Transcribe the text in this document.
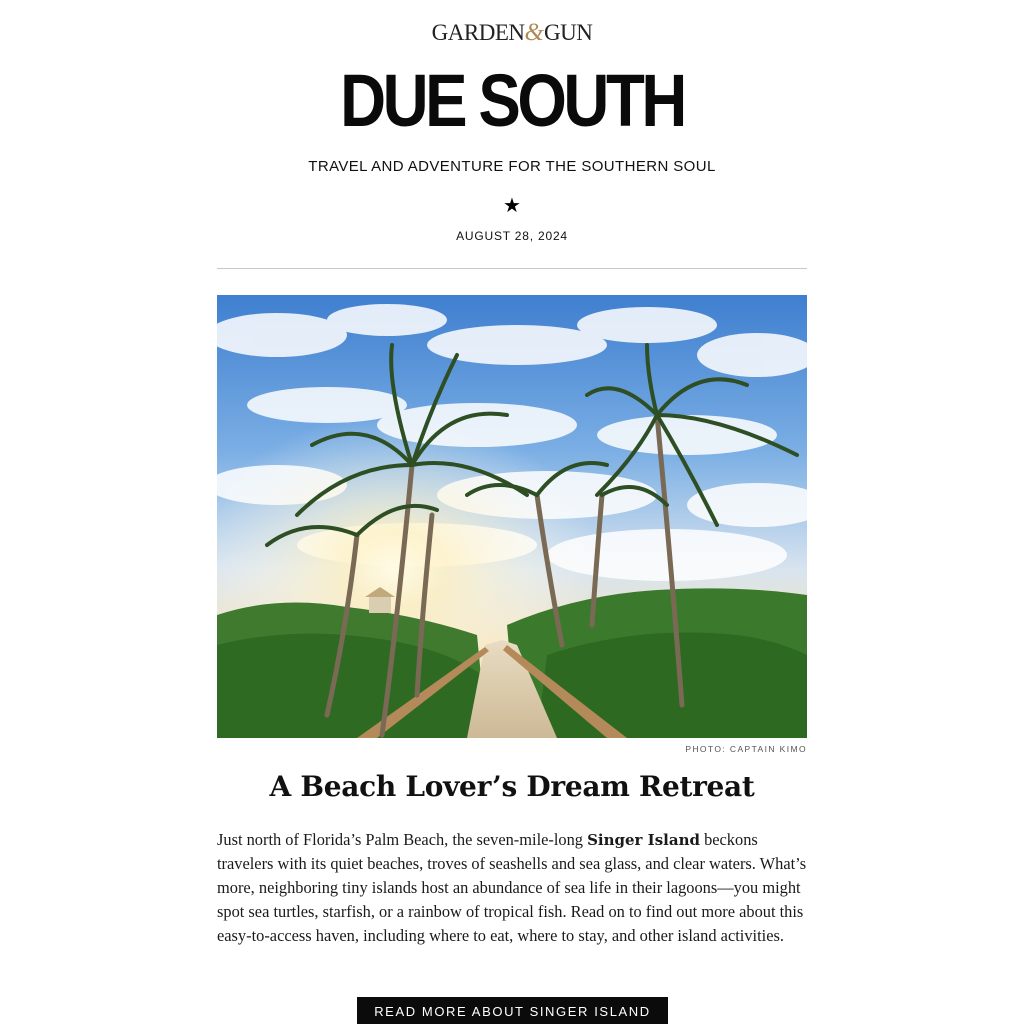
GARDEN&GUN
DUE SOUTH
TRAVEL AND ADVENTURE FOR THE SOUTHERN SOUL
★
AUGUST 28, 2024
PHOTO: CAPTAIN KIMO
A Beach Lover’s Dream Retreat

Just north of Florida’s Palm Beach, the seven-mile-long Singer Island beckons travelers with its quiet beaches, troves of seashells and sea glass, and clear waters. What’s more, neighboring tiny islands host an abundance of sea life in their lagoons—you might spot sea turtles, starfish, or a rainbow of tropical fish. Read on to find out more about this easy-to-access haven, including where to eat, where to stay, and other island activities.

READ MORE ABOUT SINGER ISLAND
